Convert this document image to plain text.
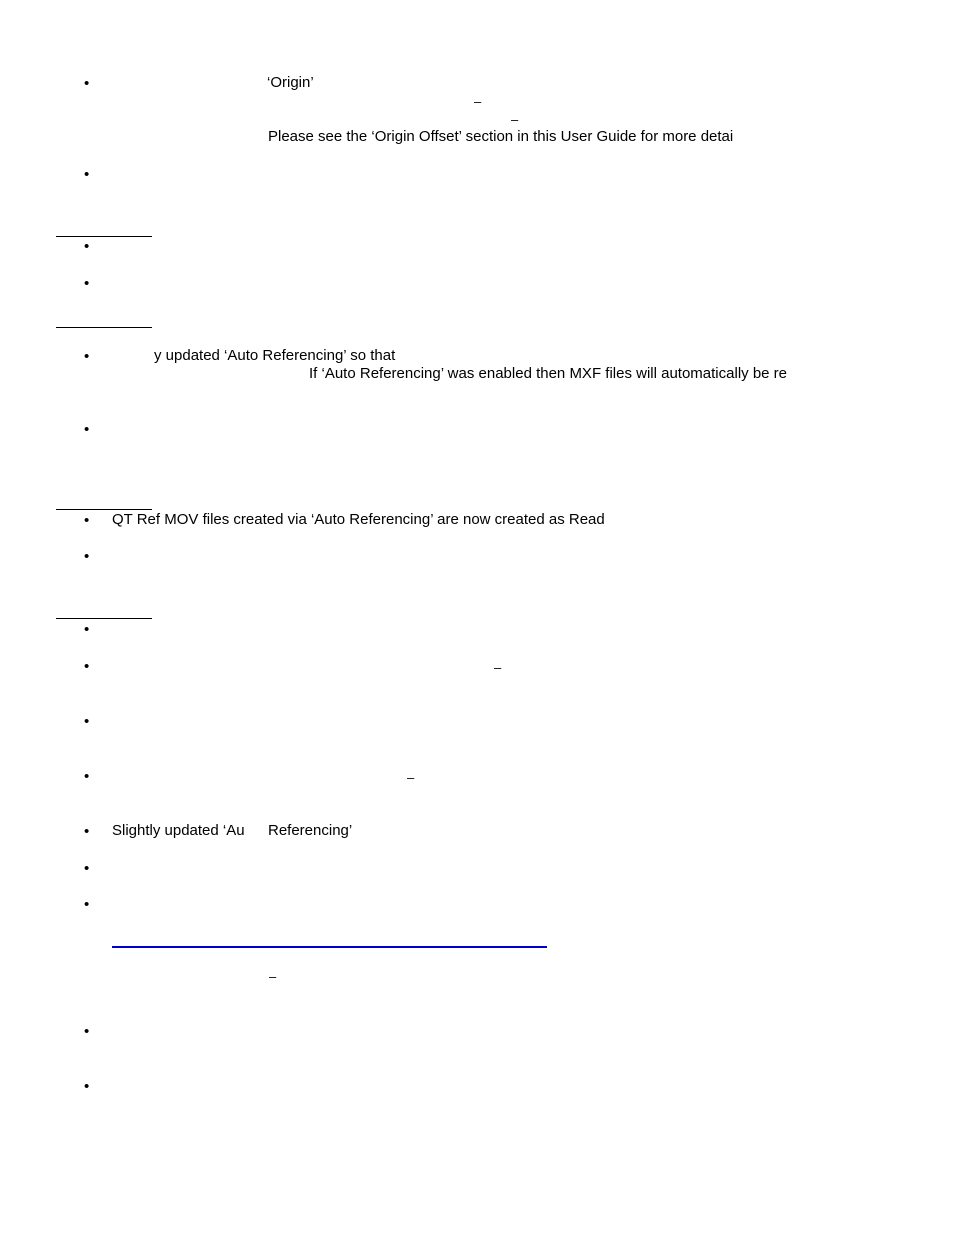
•
•
•
•
•
•
•
•
•
•
•
•
•
•
•
•
•
‘Origin’
–
–
Please see the ‘Origin Offset’ section in this User Guide for more detai
y updated ‘Auto Referencing’ so that
If ‘Auto Referencing’ was enabled then MXF files will automatically be re
QT Ref MOV files created via ‘Auto Referencing’ are now created as Read
–
–
Slightly updated ‘Au Referencing’
–
